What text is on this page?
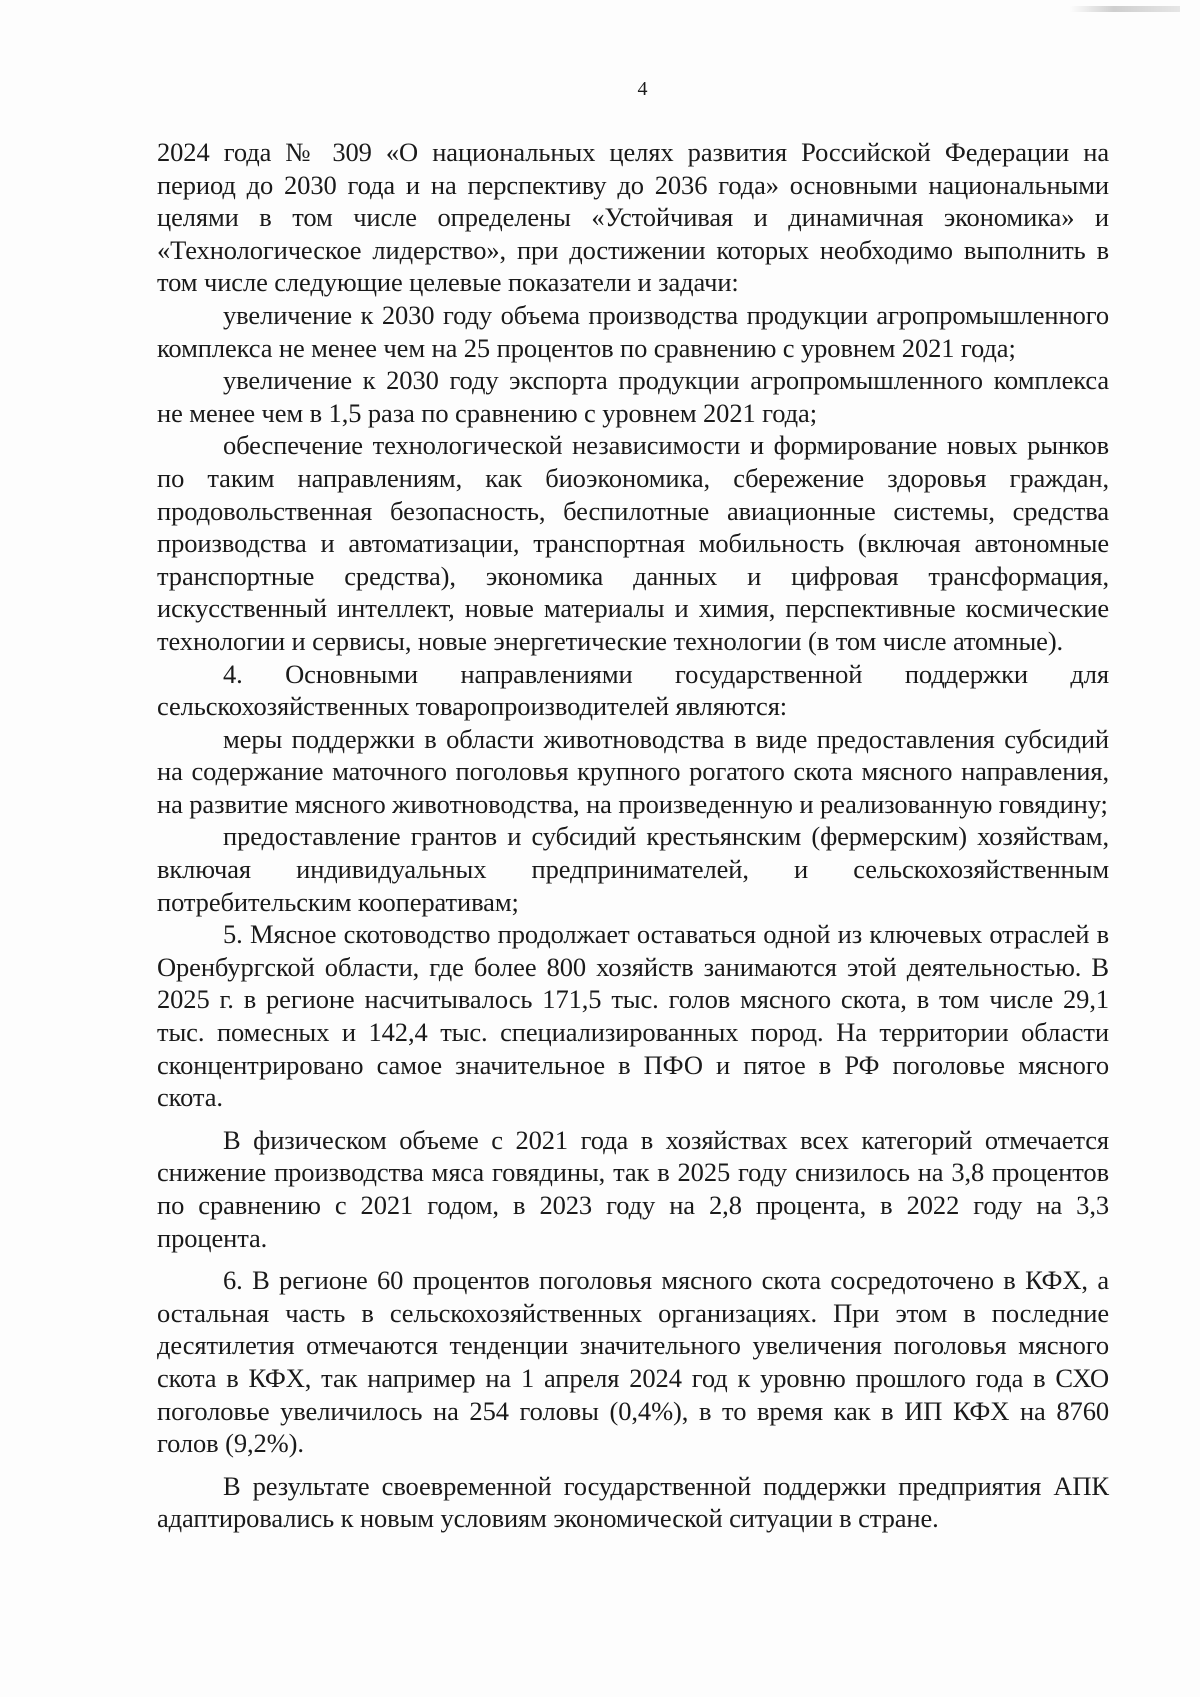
4

2024 года № 309 «О национальных целях развития Российской Федерации на период до 2030 года и на перспективу до 2036 года» основными национальными целями в том числе определены «Устойчивая и динамичная экономика» и «Технологическое лидерство», при достижении которых необходимо выполнить в том числе следующие целевые показатели и задачи:

увеличение к 2030 году объема производства продукции агропромышленного комплекса не менее чем на 25 процентов по сравнению с уровнем 2021 года;

увеличение к 2030 году экспорта продукции агропромышленного комплекса не менее чем в 1,5 раза по сравнению с уровнем 2021 года;

обеспечение технологической независимости и формирование новых рынков по таким направлениям, как биоэкономика, сбережение здоровья граждан, продовольственная безопасность, беспилотные авиационные системы, средства производства и автоматизации, транспортная мобильность (включая автономные транспортные средства), экономика данных и цифровая трансформация, искусственный интеллект, новые материалы и химия, перспективные космические технологии и сервисы, новые энергетические технологии (в том числе атомные).

4. Основными направлениями государственной поддержки для сельскохозяйственных товаропроизводителей являются:

меры поддержки в области животноводства в виде предоставления субсидий на содержание маточного поголовья крупного рогатого скота мясного направления, на развитие мясного животноводства, на произведенную и реализованную говядину;

предоставление грантов и субсидий крестьянским (фермерским) хозяйствам, включая индивидуальных предпринимателей, и сельскохозяйственным потребительским кооперативам;

5. Мясное скотоводство продолжает оставаться одной из ключевых отраслей в Оренбургской области, где более 800 хозяйств занимаются этой деятельностью. В 2025 г. в регионе насчитывалось 171,5 тыс. голов мясного скота, в том числе 29,1 тыс. помесных и 142,4 тыс. специализированных пород. На территории области сконцентрировано самое значительное в ПФО и пятое в РФ поголовье мясного скота.

В физическом объеме с 2021 года в хозяйствах всех категорий отмечается снижение производства мяса говядины, так в 2025 году снизилось на 3,8 процентов по сравнению с 2021 годом, в 2023 году на 2,8 процента, в 2022 году на 3,3 процента.

6. В регионе 60 процентов поголовья мясного скота сосредоточено в КФХ, а остальная часть в сельскохозяйственных организациях. При этом в последние десятилетия отмечаются тенденции значительного увеличения поголовья мясного скота в КФХ, так например на 1 апреля 2024 год к уровню прошлого года в СХО поголовье увеличилось на 254 головы (0,4%), в то время как в ИП КФХ на 8760 голов (9,2%).

В результате своевременной государственной поддержки предприятия АПК адаптировались к новым условиям экономической ситуации в стране.
